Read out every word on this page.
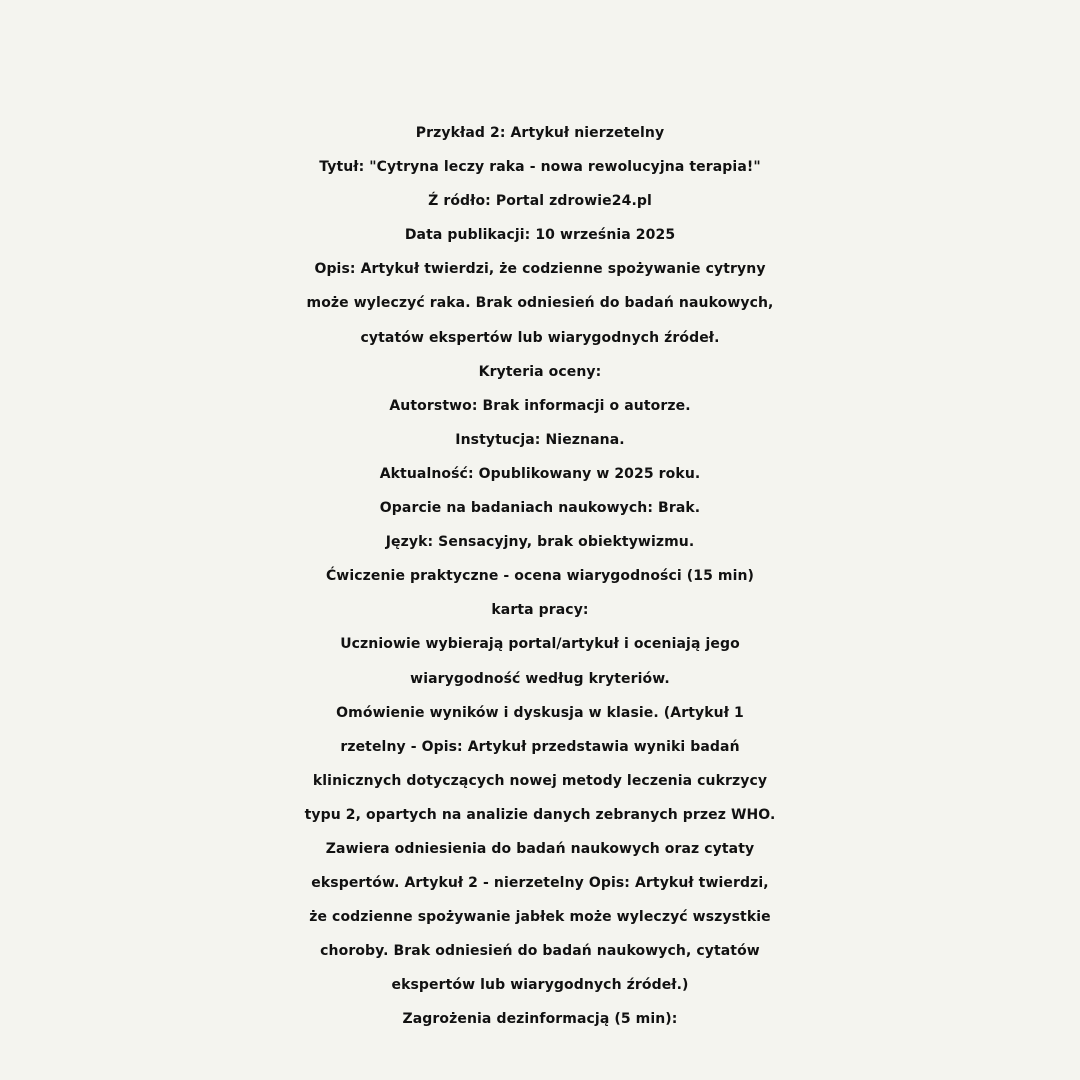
Przykład 2: Artykuł nierzetelny
Tytuł: "Cytryna leczy raka - nowa rewolucyjna terapia!"
Ź ródło: Portal zdrowie24.pl
Data publikacji: 10 września 2025
Opis: Artykuł twierdzi, że codzienne spożywanie cytryny
może wyleczyć raka. Brak odniesień do badań naukowych,
cytatów ekspertów lub wiarygodnych źródeł.
Kryteria oceny:
Autorstwo: Brak informacji o autorze.
Instytucja: Nieznana.
Aktualność: Opublikowany w 2025 roku.
Oparcie na badaniach naukowych: Brak.
Język: Sensacyjny, brak obiektywizmu.
Ćwiczenie praktyczne - ocena wiarygodności (15 min)
karta pracy:
Uczniowie wybierają portal/artykuł i oceniają jego
wiarygodność według kryteriów.
Omówienie wyników i dyskusja w klasie. (Artykuł 1
rzetelny - Opis: Artykuł przedstawia wyniki badań
klinicznych dotyczących nowej metody leczenia cukrzycy
typu 2, opartych na analizie danych zebranych przez WHO.
Zawiera odniesienia do badań naukowych oraz cytaty
ekspertów. Artykuł 2 - nierzetelny Opis: Artykuł twierdzi,
że codzienne spożywanie jabłek może wyleczyć wszystkie
choroby. Brak odniesień do badań naukowych, cytatów
ekspertów lub wiarygodnych źródeł.)
Zagrożenia dezinformacją (5 min):
